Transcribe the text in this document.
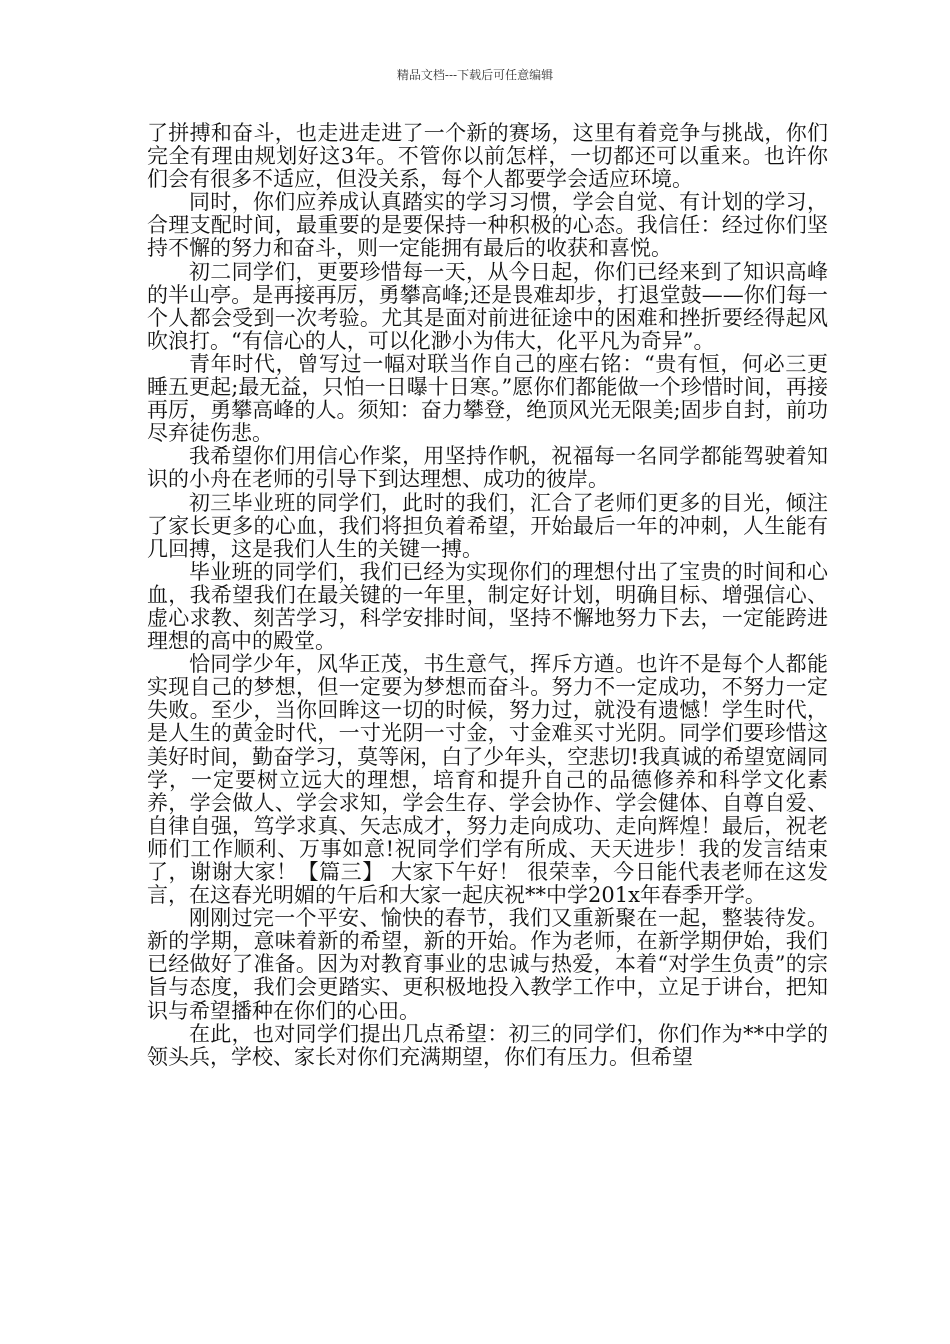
精品文档---下载后可任意编辑

了拼搏和奋斗，也走进走进了一个新的赛场，这里有着竞争与挑战，你们完全有理由规划好这3年。不管你以前怎样，一切都还可以重来。也许你们会有很多不适应，但没关系，每个人都要学会适应环境。

同时，你们应养成认真踏实的学习习惯，学会自觉、有计划的学习，合理支配时间，最重要的是要保持一种积极的心态。我信任：经过你们坚持不懈的努力和奋斗，则一定能拥有最后的收获和喜悦。

初二同学们，更要珍惜每一天，从今日起，你们已经来到了知识高峰的半山亭。是再接再厉，勇攀高峰;还是畏难却步，打退堂鼓——你们每一个人都会受到一次考验。尤其是面对前进征途中的困难和挫折要经得起风吹浪打。“有信心的人，可以化渺小为伟大，化平凡为奇异”。

青年时代，曾写过一幅对联当作自己的座右铭：“贵有恒，何必三更睡五更起;最无益，只怕一日曝十日寒。”愿你们都能做一个珍惜时间，再接再厉，勇攀高峰的人。须知：奋力攀登，绝顶风光无限美;固步自封，前功尽弃徒伤悲。

我希望你们用信心作桨，用坚持作帆，祝福每一名同学都能驾驶着知识的小舟在老师的引导下到达理想、成功的彼岸。

初三毕业班的同学们，此时的我们，汇合了老师们更多的目光，倾注了家长更多的心血，我们将担负着希望，开始最后一年的冲刺，人生能有几回搏，这是我们人生的关键一搏。

毕业班的同学们，我们已经为实现你们的理想付出了宝贵的时间和心血，我希望我们在最关键的一年里，制定好计划，明确目标、增强信心、虚心求教、刻苦学习，科学安排时间，坚持不懈地努力下去，一定能跨进理想的高中的殿堂。

恰同学少年，风华正茂，书生意气，挥斥方遒。也许不是每个人都能实现自己的梦想，但一定要为梦想而奋斗。努力不一定成功，不努力一定失败。至少，当你回眸这一切的时候，努力过，就没有遗憾！学生时代，是人生的黄金时代，一寸光阴一寸金，寸金难买寸光阴。同学们要珍惜这美好时间，勤奋学习，莫等闲，白了少年头，空悲切!我真诚的希望宽阔同学，一定要树立远大的理想，培育和提升自己的品德修养和科学文化素养，学会做人、学会求知，学会生存、学会协作、学会健体、自尊自爱、自律自强，笃学求真、矢志成才，努力走向成功、走向辉煌！最后，祝老师们工作顺利、万事如意!祝同学们学有所成、天天进步！我的发言结束了，谢谢大家！【篇三】 大家下午好！ 很荣幸，今日能代表老师在这发言，在这春光明媚的午后和大家一起庆祝**中学201x年春季开学。

刚刚过完一个平安、愉快的春节，我们又重新聚在一起，整装待发。新的学期，意味着新的希望，新的开始。作为老师，在新学期伊始，我们已经做好了准备。因为对教育事业的忠诚与热爱，本着“对学生负责”的宗旨与态度，我们会更踏实、更积极地投入教学工作中，立足于讲台，把知识与希望播种在你们的心田。

在此，也对同学们提出几点希望：初三的同学们，你们作为**中学的领头兵，学校、家长对你们充满期望，你们有压力。但希望
